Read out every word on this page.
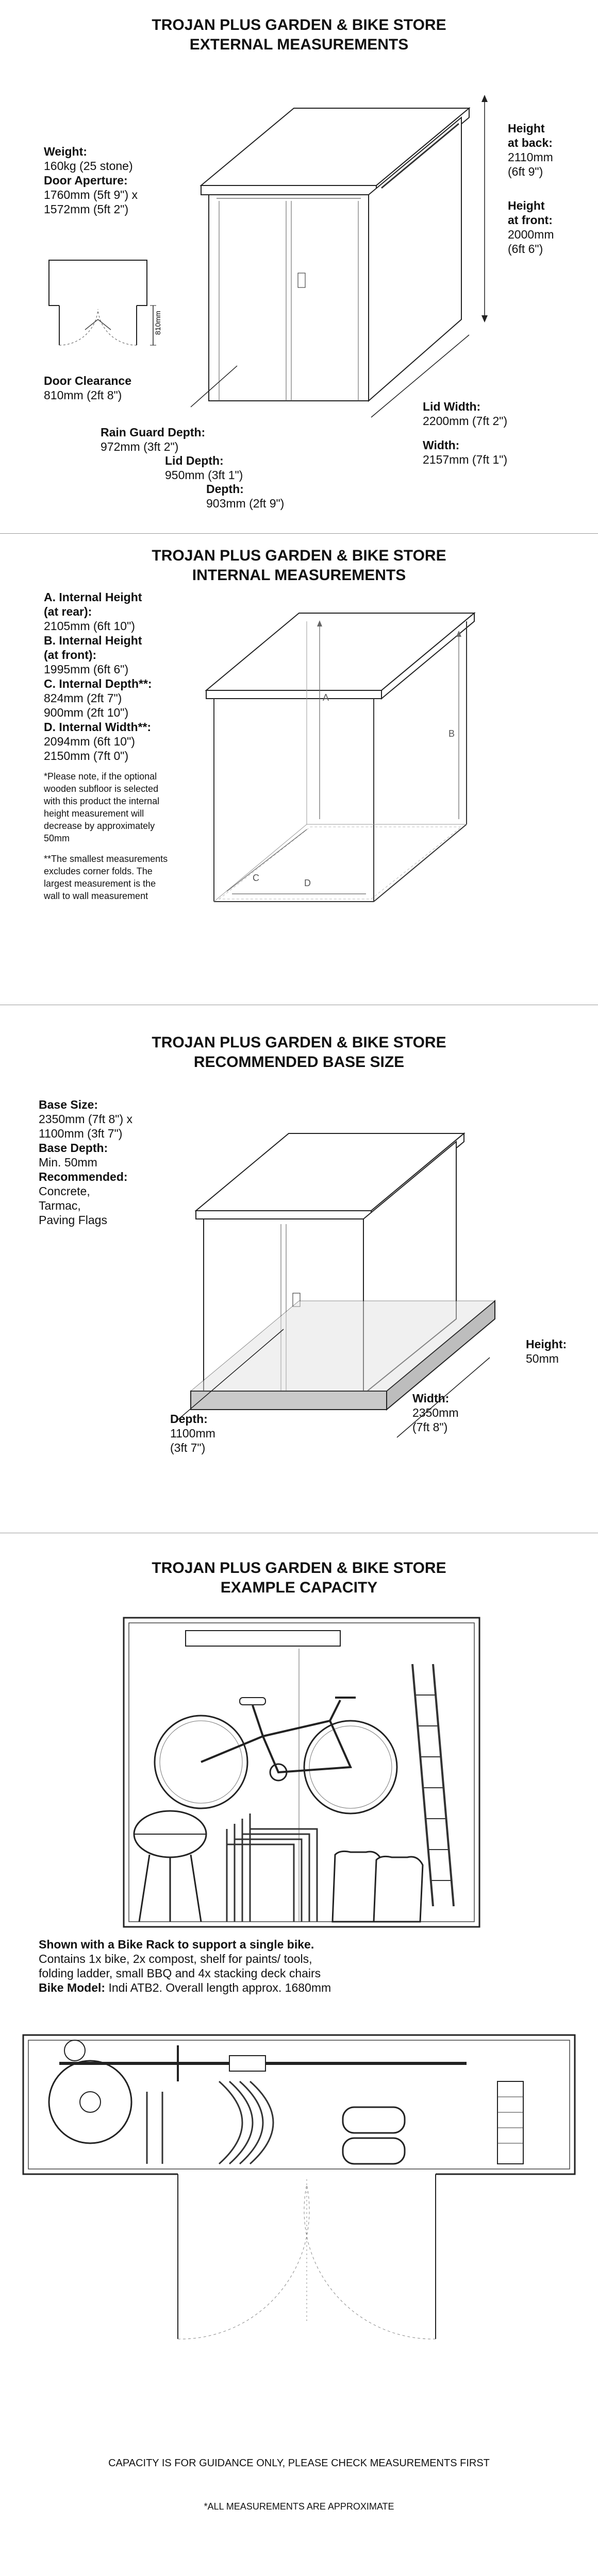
TROJAN PLUS GARDEN & BIKE STORE
EXTERNAL MEASUREMENTS
Weight:
160kg (25 stone)
Door Aperture:
1760mm (5ft 9") x
1572mm (5ft 2")
810mm
Door Clearance
810mm (2ft 8")
Height
at back:
2110mm
(6ft 9")
Height
at front:
2000mm
(6ft 6")
Rain Guard Depth:
972mm (3ft 2")
Lid Depth:
950mm (3ft 1")
Depth:
903mm (2ft 9")
Lid Width:
2200mm (7ft 2")
Width:
2157mm (7ft 1")
TROJAN PLUS GARDEN & BIKE STORE
INTERNAL MEASUREMENTS
A. Internal Height
(at rear):
2105mm (6ft 10")
B. Internal Height
(at front):
1995mm (6ft 6")
C. Internal Depth**:
824mm (2ft 7")
900mm (2ft 10")
D. Internal Width**:
2094mm (6ft 10")
2150mm (7ft 0")
*Please note, if the optional
wooden subfloor is selected
with this product the internal
height measurement will
decrease by approximately
50mm
**The smallest measurements
excludes corner folds. The
largest measurement is the
wall to wall measurement
A
B
C	D
TROJAN PLUS GARDEN & BIKE STORE
RECOMMENDED BASE SIZE
Base Size:
2350mm (7ft 8") x
1100mm (3ft 7")
Base Depth:
Min. 50mm
Recommended:
Concrete,
Tarmac,
Paving Flags
Height:
50mm
Depth:
1100mm
(3ft 7")
Width:
2350mm
(7ft 8")
TROJAN PLUS GARDEN & BIKE STORE
EXAMPLE CAPACITY
Shown with a Bike Rack to support a single bike.
Contains 1x bike, 2x compost, shelf for paints/ tools,
folding ladder, small BBQ and 4x stacking deck chairs
Bike Model: Indi ATB2. Overall length approx. 1680mm
CAPACITY IS FOR GUIDANCE ONLY, PLEASE CHECK MEASUREMENTS FIRST
*ALL MEASUREMENTS ARE APPROXIMATE
